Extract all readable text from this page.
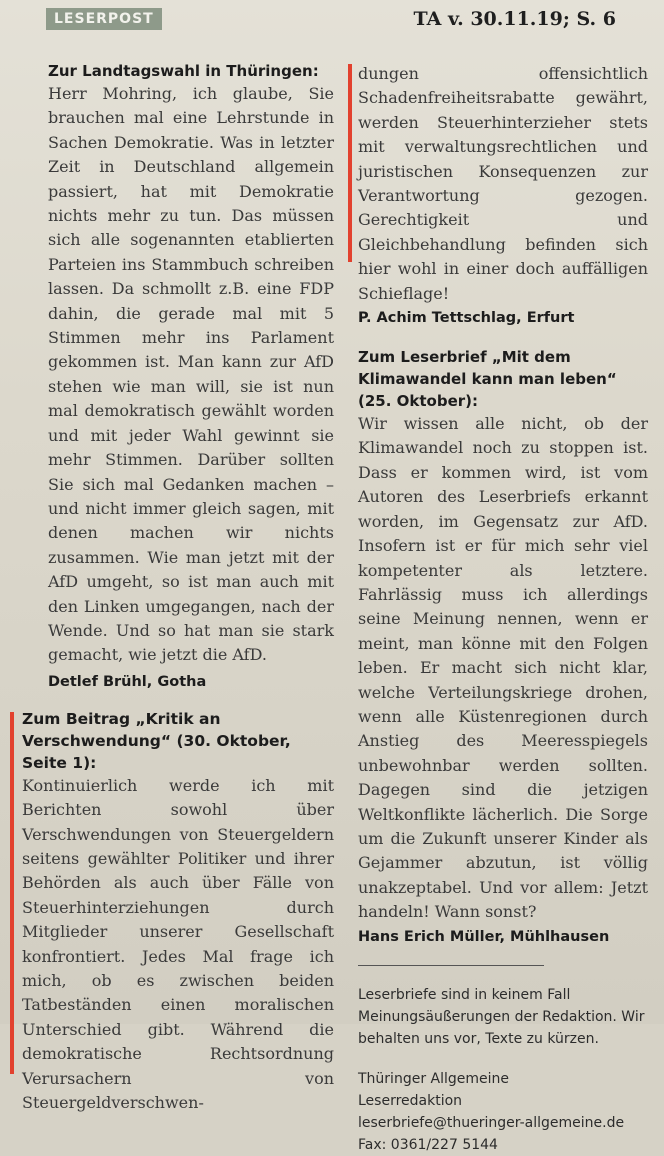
LESERPOST	TA v. 30.11.19; S. 6

Zur Landtagswahl in Thüringen:

Herr Mohring, ich glaube, Sie brauchen mal eine Lehrstunde in Sachen Demokratie. Was in letzter Zeit in Deutschland allgemein passiert, hat mit Demokratie nichts mehr zu tun. Das müssen sich alle sogenannten etablierten Parteien ins Stammbuch schreiben lassen. Da schmollt z.B. eine FDP dahin, die gerade mal mit 5 Stimmen mehr ins Parlament gekommen ist. Man kann zur AfD stehen wie man will, sie ist nun mal demokratisch gewählt worden und mit jeder Wahl gewinnt sie mehr Stimmen. Darüber sollten Sie sich mal Gedanken machen – und nicht immer gleich sagen, mit denen machen wir nichts zusammen. Wie man jetzt mit der AfD umgeht, so ist man auch mit den Linken umgegangen, nach der Wende. Und so hat man sie stark gemacht, wie jetzt die AfD.

Detlef Brühl, Gotha

Zum Beitrag „Kritik an Verschwendung“ (30. Oktober, Seite 1):

Kontinuierlich werde ich mit Berichten sowohl über Verschwendungen von Steuergeldern seitens gewählter Politiker und ihrer Behörden als auch über Fälle von Steuerhinterziehungen durch Mitglieder unserer Gesellschaft konfrontiert. Jedes Mal frage ich mich, ob es zwischen beiden Tatbeständen einen moralischen Unterschied gibt. Während die demokratische Rechtsordnung Verursachern von Steuergeldverschwen-

dungen offensichtlich Schadenfreiheitsrabatte gewährt, werden Steuerhinterzieher stets mit verwaltungsrechtlichen und juristischen Konsequenzen zur Verantwortung gezogen. Gerechtigkeit und Gleichbehandlung befinden sich hier wohl in einer doch auffälligen Schieflage!

P. Achim Tettschlag, Erfurt

Zum Leserbrief „Mit dem Klimawandel kann man leben“ (25. Oktober):

Wir wissen alle nicht, ob der Klimawandel noch zu stoppen ist. Dass er kommen wird, ist vom Autoren des Leserbriefs erkannt worden, im Gegensatz zur AfD. Insofern ist er für mich sehr viel kompetenter als letztere. Fahrlässig muss ich allerdings seine Meinung nennen, wenn er meint, man könne mit den Folgen leben. Er macht sich nicht klar, welche Verteilungskriege drohen, wenn alle Küstenregionen durch Anstieg des Meeresspiegels unbewohnbar werden sollten. Dagegen sind die jetzigen Weltkonflikte lächerlich. Die Sorge um die Zukunft unserer Kinder als Gejammer abzutun, ist völlig unakzeptabel. Und vor allem: Jetzt handeln! Wann sonst?

Hans Erich Müller, Mühlhausen

Leserbriefe sind in keinem Fall Meinungsäußerungen der Redaktion. Wir behalten uns vor, Texte zu kürzen.

Thüringer Allgemeine

Leserredaktion

leserbriefe@thueringer-allgemeine.de

Fax: 0361/227 5144
